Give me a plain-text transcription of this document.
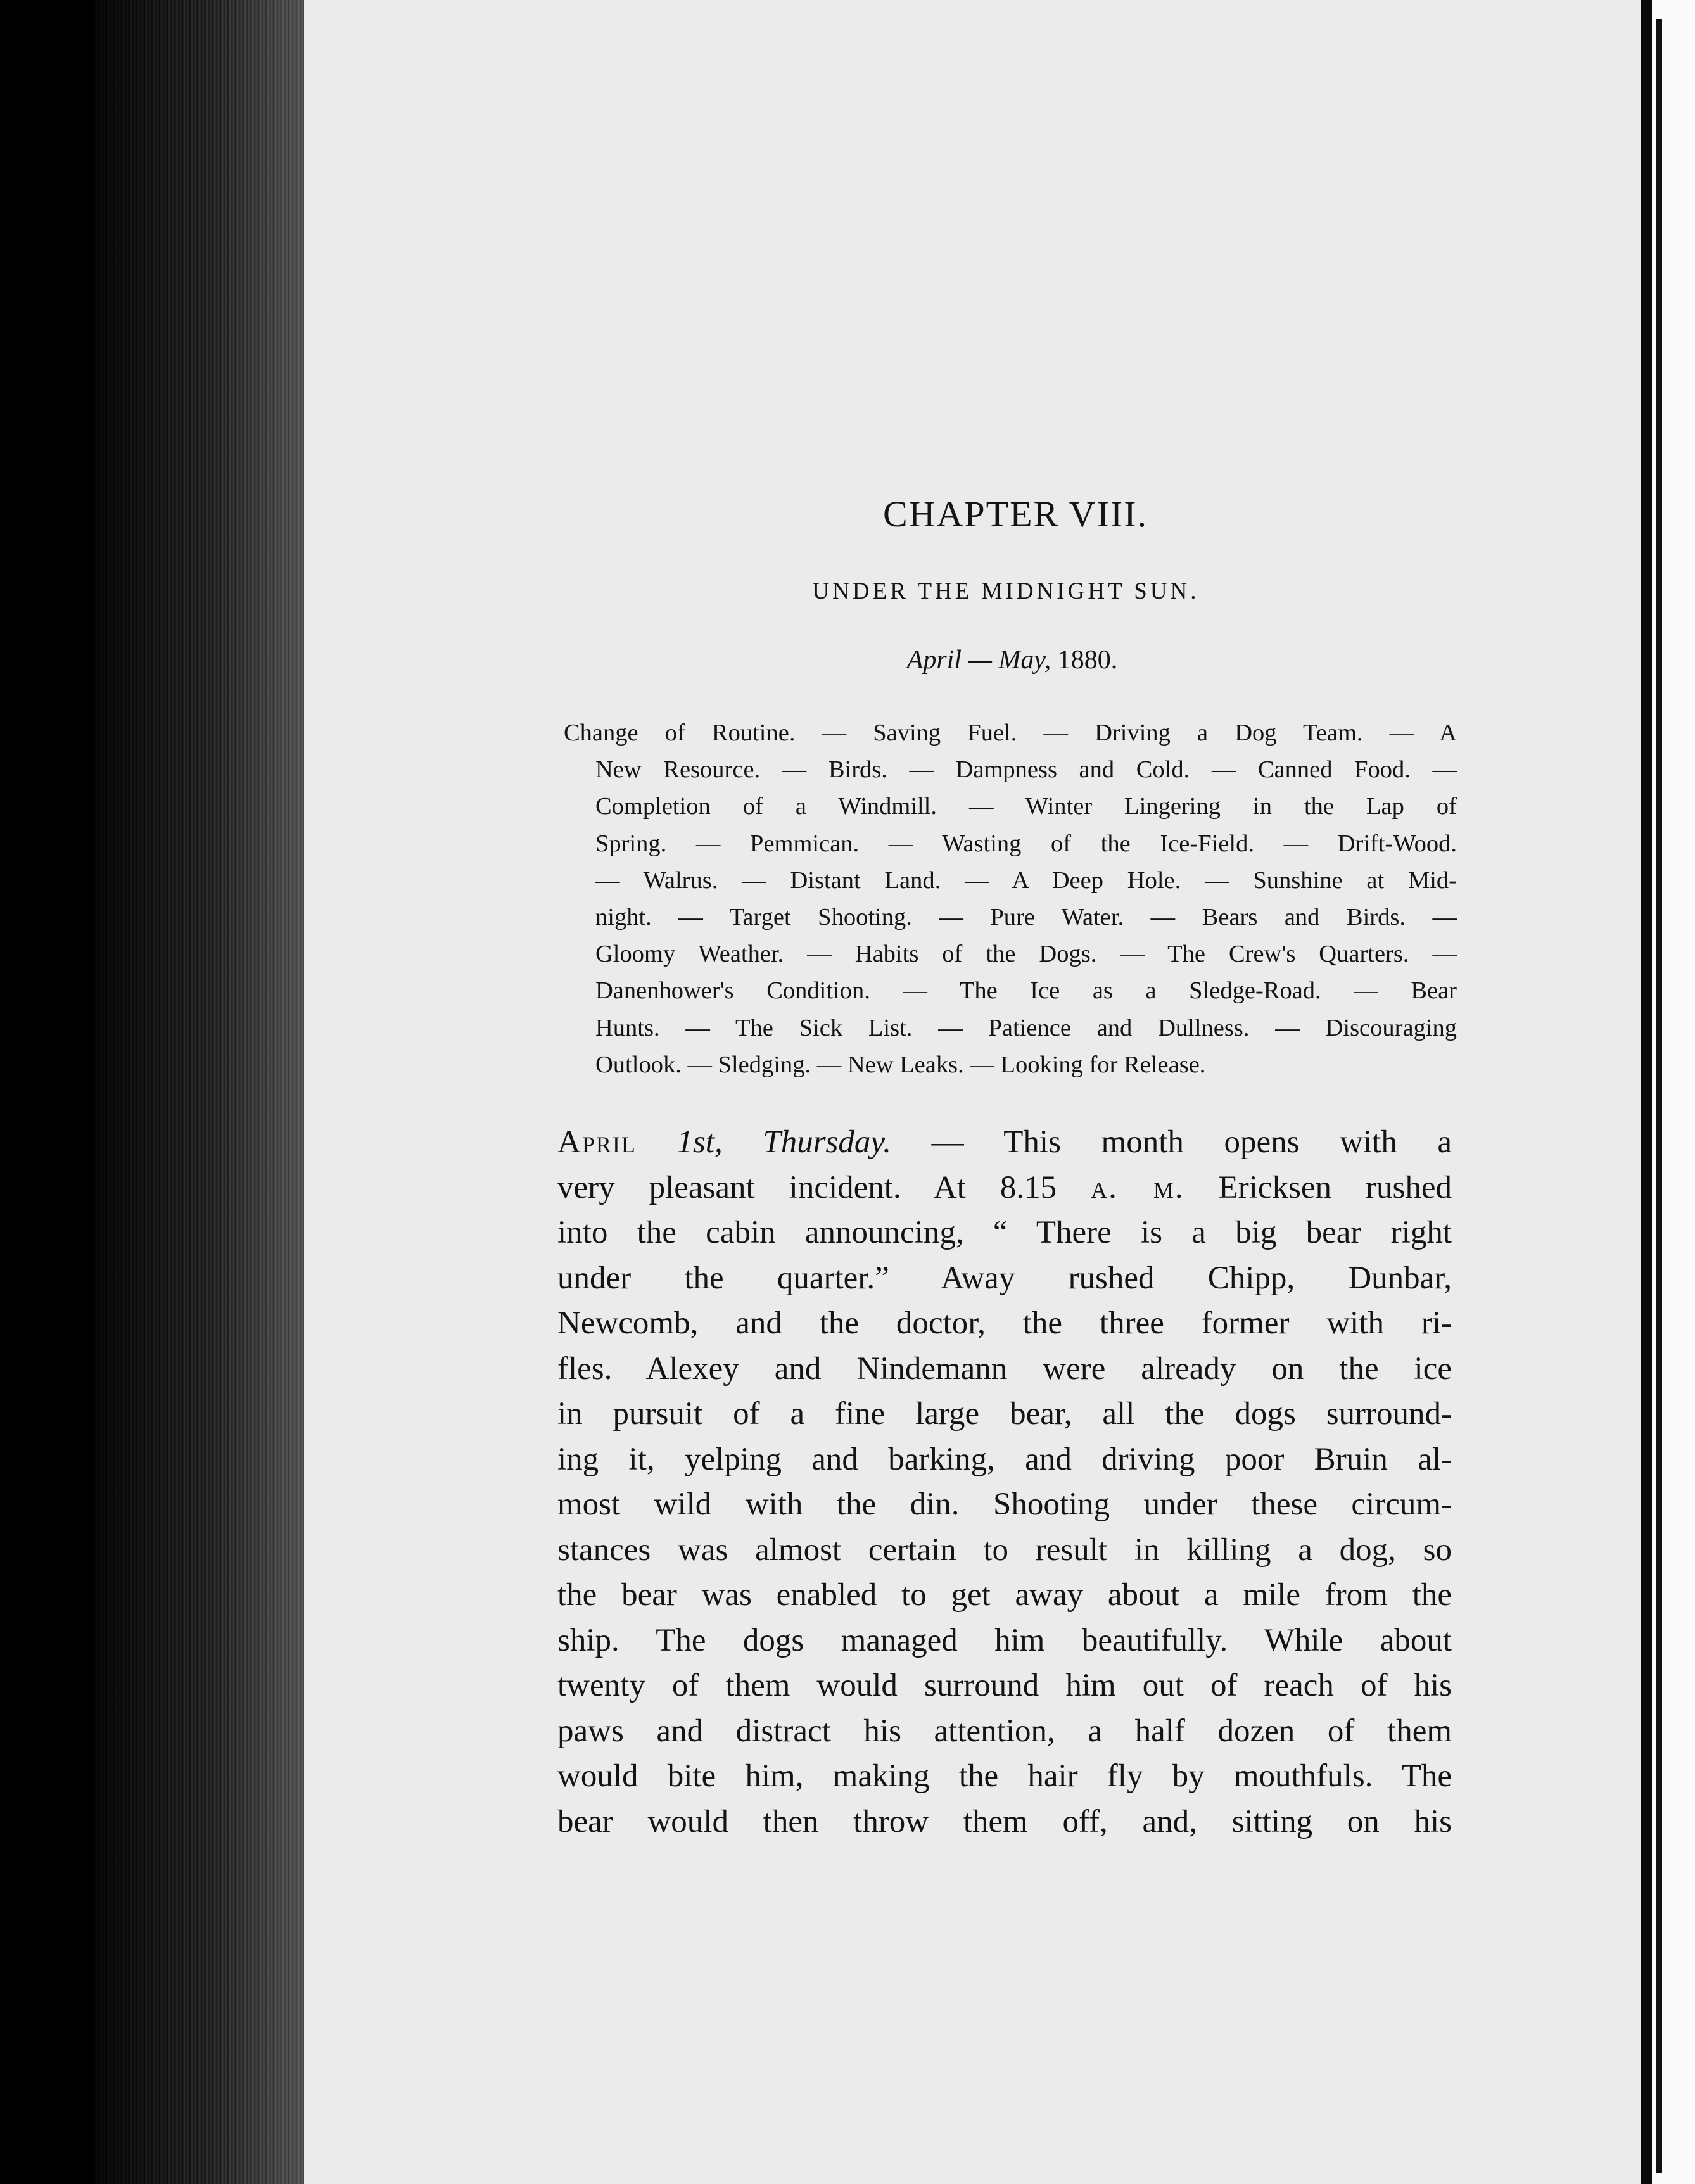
CHAPTER VIII.
UNDER THE MIDNIGHT SUN.
April — May, 1880.
Change of Routine. — Saving Fuel. — Driving a Dog Team. — A
New Resource. — Birds. — Dampness and Cold. — Canned Food. —
Completion of a Windmill. — Winter Lingering in the Lap of
Spring. — Pemmican. — Wasting of the Ice-Field. — Drift-Wood.
— Walrus. — Distant Land. — A Deep Hole. — Sunshine at Mid-
night. — Target Shooting. — Pure Water. — Bears and Birds. —
Gloomy Weather. — Habits of the Dogs. — The Crew's Quarters. —
Danenhower's Condition. — The Ice as a Sledge-Road. — Bear
Hunts. — The Sick List. — Patience and Dullness. — Discouraging
Outlook. — Sledging. — New Leaks. — Looking for Release.
April 1st, Thursday. — This month opens with a
very pleasant incident. At 8.15 a. m. Ericksen rushed
into the cabin announcing, “ There is a big bear right
under the quarter.” Away rushed Chipp, Dunbar,
Newcomb, and the doctor, the three former with ri-
fles. Alexey and Nindemann were already on the ice
in pursuit of a fine large bear, all the dogs surround-
ing it, yelping and barking, and driving poor Bruin al-
most wild with the din. Shooting under these circum-
stances was almost certain to result in killing a dog, so
the bear was enabled to get away about a mile from the
ship. The dogs managed him beautifully. While about
twenty of them would surround him out of reach of his
paws and distract his attention, a half dozen of them
would bite him, making the hair fly by mouthfuls. The
bear would then throw them off, and, sitting on his
